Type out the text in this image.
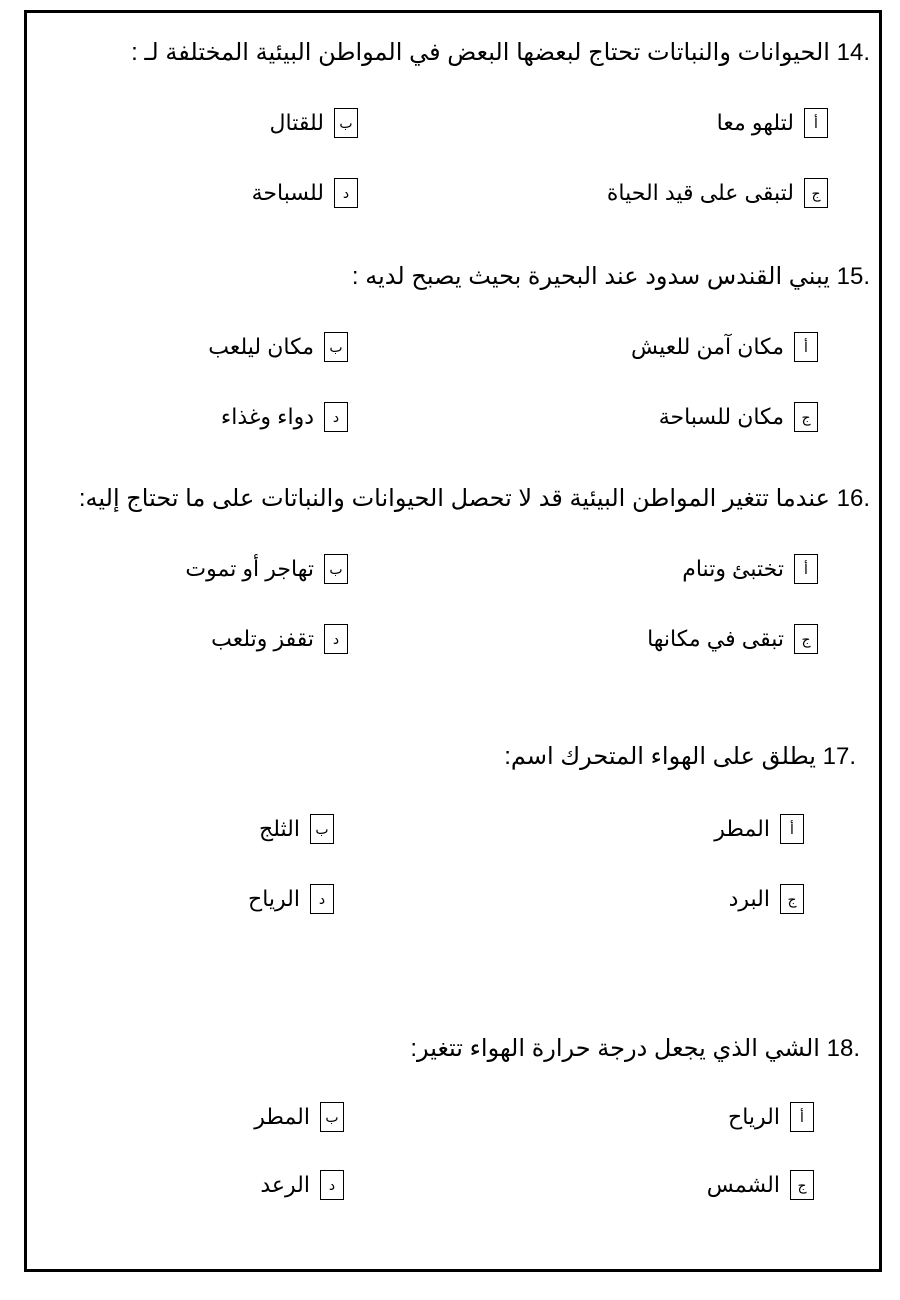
14. الحيوانات والنباتات تحتاج لبعضها البعض في المواطن البيئية المختلفة لـ :
أ
لتلهو معا
ب
للقتال
ج
لتبقى على قيد الحياة
د
للسباحة
15. يبني القندس سدود عند البحيرة بحيث يصبح لديه :
أ
مكان آمن للعيش
ب
مكان ليلعب
ج
مكان للسباحة
د
دواء وغذاء
16. عندما تتغير المواطن البيئية قد لا تحصل الحيوانات والنباتات على ما تحتاج إليه:
أ
تختبئ وتنام
ب
تهاجر أو تموت
ج
تبقى في مكانها
د
تقفز وتلعب
17. يطلق على الهواء المتحرك اسم:
أ
المطر
ب
الثلج
ج
البرد
د
الرياح
18. الشي الذي يجعل درجة حرارة الهواء تتغير:
أ
الرياح
ب
المطر
ج
الشمس
د
الرعد
